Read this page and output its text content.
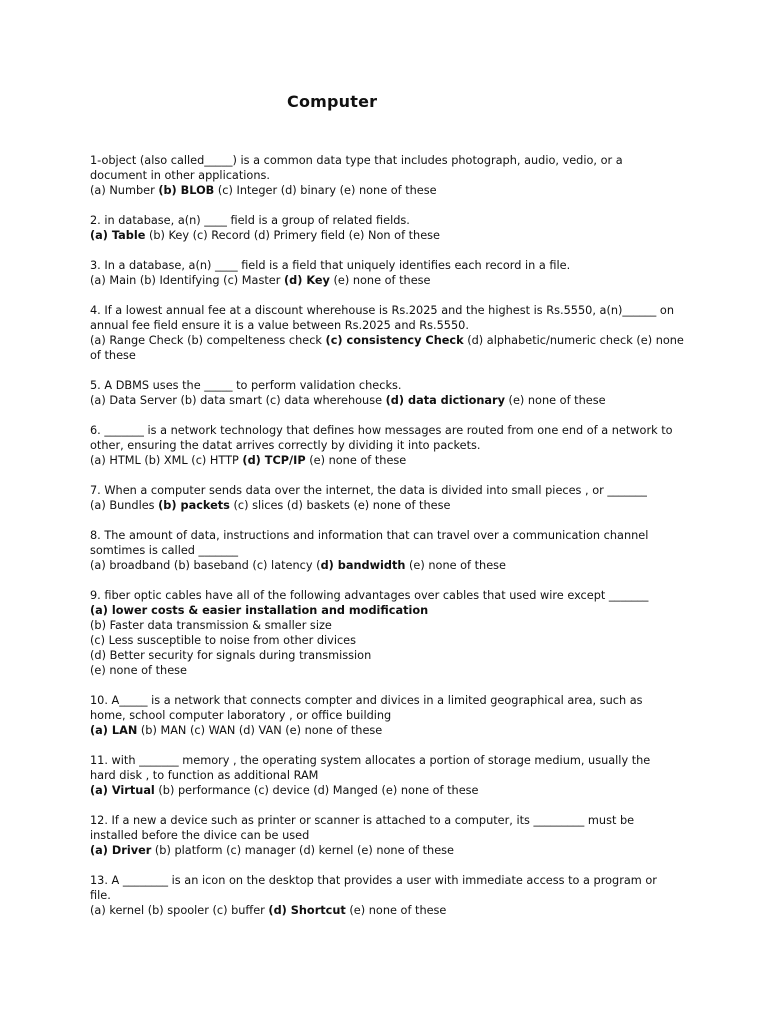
Computer

1-object (also called_____) is a common data type that includes photograph, audio, vedio, or a

document in other applications.

(a) Number (b) BLOB (c) Integer (d) binary (e) none of these

2. in database, a(n) ____ field is a group of related fields.

(a) Table (b) Key (c) Record (d) Primery field (e) Non of these

3. In a database, a(n) ____ field is a field that uniquely identifies each record in a file.

(a) Main (b) Identifying (c) Master (d) Key (e) none of these

4. If a lowest annual fee at a discount wherehouse is Rs.2025 and the highest is Rs.5550, a(n)______ on

annual fee field ensure it is a value between Rs.2025 and Rs.5550.

(a) Range Check (b) compelteness check (c) consistency Check (d) alphabetic/numeric check (e) none

of these

5. A DBMS uses the _____ to perform validation checks.

(a) Data Server (b) data smart (c) data wherehouse (d) data dictionary (e) none of these

6. _______ is a network technology that defines how messages are routed from one end of a network to

other, ensuring the datat arrives correctly by dividing it into packets.

(a) HTML (b) XML (c) HTTP (d) TCP/IP (e) none of these

7. When a computer sends data over the internet, the data is divided into small pieces , or _______

(a) Bundles (b) packets (c) slices (d) baskets (e) none of these

8. The amount of data, instructions and information that can travel over a communication channel

somtimes is called _______

(a) broadband (b) baseband (c) latency (d) bandwidth (e) none of these

9. fiber optic cables have all of the following advantages over cables that used wire except _______

(a) lower costs & easier installation and modification

(b) Faster data transmission & smaller size

(c) Less susceptible to noise from other divices

(d) Better security for signals during transmission

(e) none of these

10. A_____ is a network that connects compter and divices in a limited geographical area, such as

home, school computer laboratory , or office building

(a) LAN (b) MAN (c) WAN (d) VAN (e) none of these

11. with _______ memory , the operating system allocates a portion of storage medium, usually the

hard disk , to function as additional RAM

(a) Virtual (b) performance (c) device (d) Manged (e) none of these

12. If a new a device such as printer or scanner is attached to a computer, its _________ must be

installed before the divice can be used

(a) Driver (b) platform (c) manager (d) kernel (e) none of these

13. A ________ is an icon on the desktop that provides a user with immediate access to a program or

file.

(a) kernel (b) spooler (c) buffer (d) Shortcut (e) none of these
